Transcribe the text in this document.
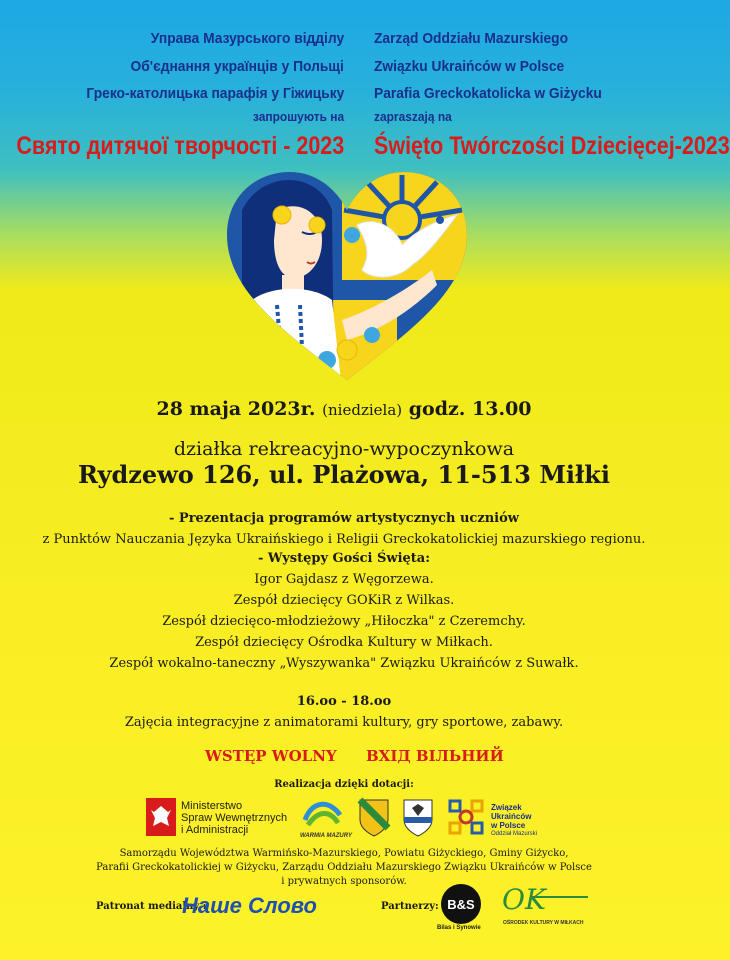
Управа Мазурського відділу
Об'єднання українців у Польщі
Греко-католицька парафія у Гіжицьку
запрошують на
Zarząd Oddziału Mazurskiego
Związku Ukraińców w Polsce
Parafia Greckokatolicka w Giżycku
zapraszają na
Свято дитячої творчості - 2023 Święto Twórczości Dziecięcej-2023
28 maja 2023r. (niedziela) godz. 13.00
działka rekreacyjno-wypoczynkowa
Rydzewo 126, ul. Plażowa, 11-513 Miłki
- Prezentacja programów artystycznych uczniów
z Punktów Nauczania Języka Ukraińskiego i Religii Greckokatolickiej mazurskiego regionu.
- Występy Gości Święta:
Igor Gajdasz z Węgorzewa.
Zespół dziecięcy GOKiR z Wilkas.
Zespół dziecięco-młodzieżowy „Hiłoczka" z Czeremchy.
Zespół dziecięcy Ośrodka Kultury w Miłkach.
Zespół wokalno-taneczny „Wyszywanka" Związku Ukraińców z Suwałk.
16.oo - 18.oo
Zajęcia integracyjne z animatorami kultury, gry sportowe, zabawy.
WSTĘP WOLNY ВХІД ВІЛЬНИЙ
Realizacja dzięki dotacji:
Ministerstwo
Spraw Wewnętrznych
i Administracji	WARMIA MAZURY
Związek
Ukraińców
w Polsce
Oddział Mazurski
Samorządu Województwa Warmińsko-Mazurskiego, Powiatu Giżyckiego, Gminy Giżycko,
Parafii Greckokatolickiej w Giżycku, Zarządu Oddziału Mazurskiego Związku Ukraińców w Polsce
i prywatnych sponsorów.
Patronat medialny :
Наше Слово	Partnerzy: B&S
Bilas i Synowie
OK
OŚRODEK KULTURY W MIŁKACH
